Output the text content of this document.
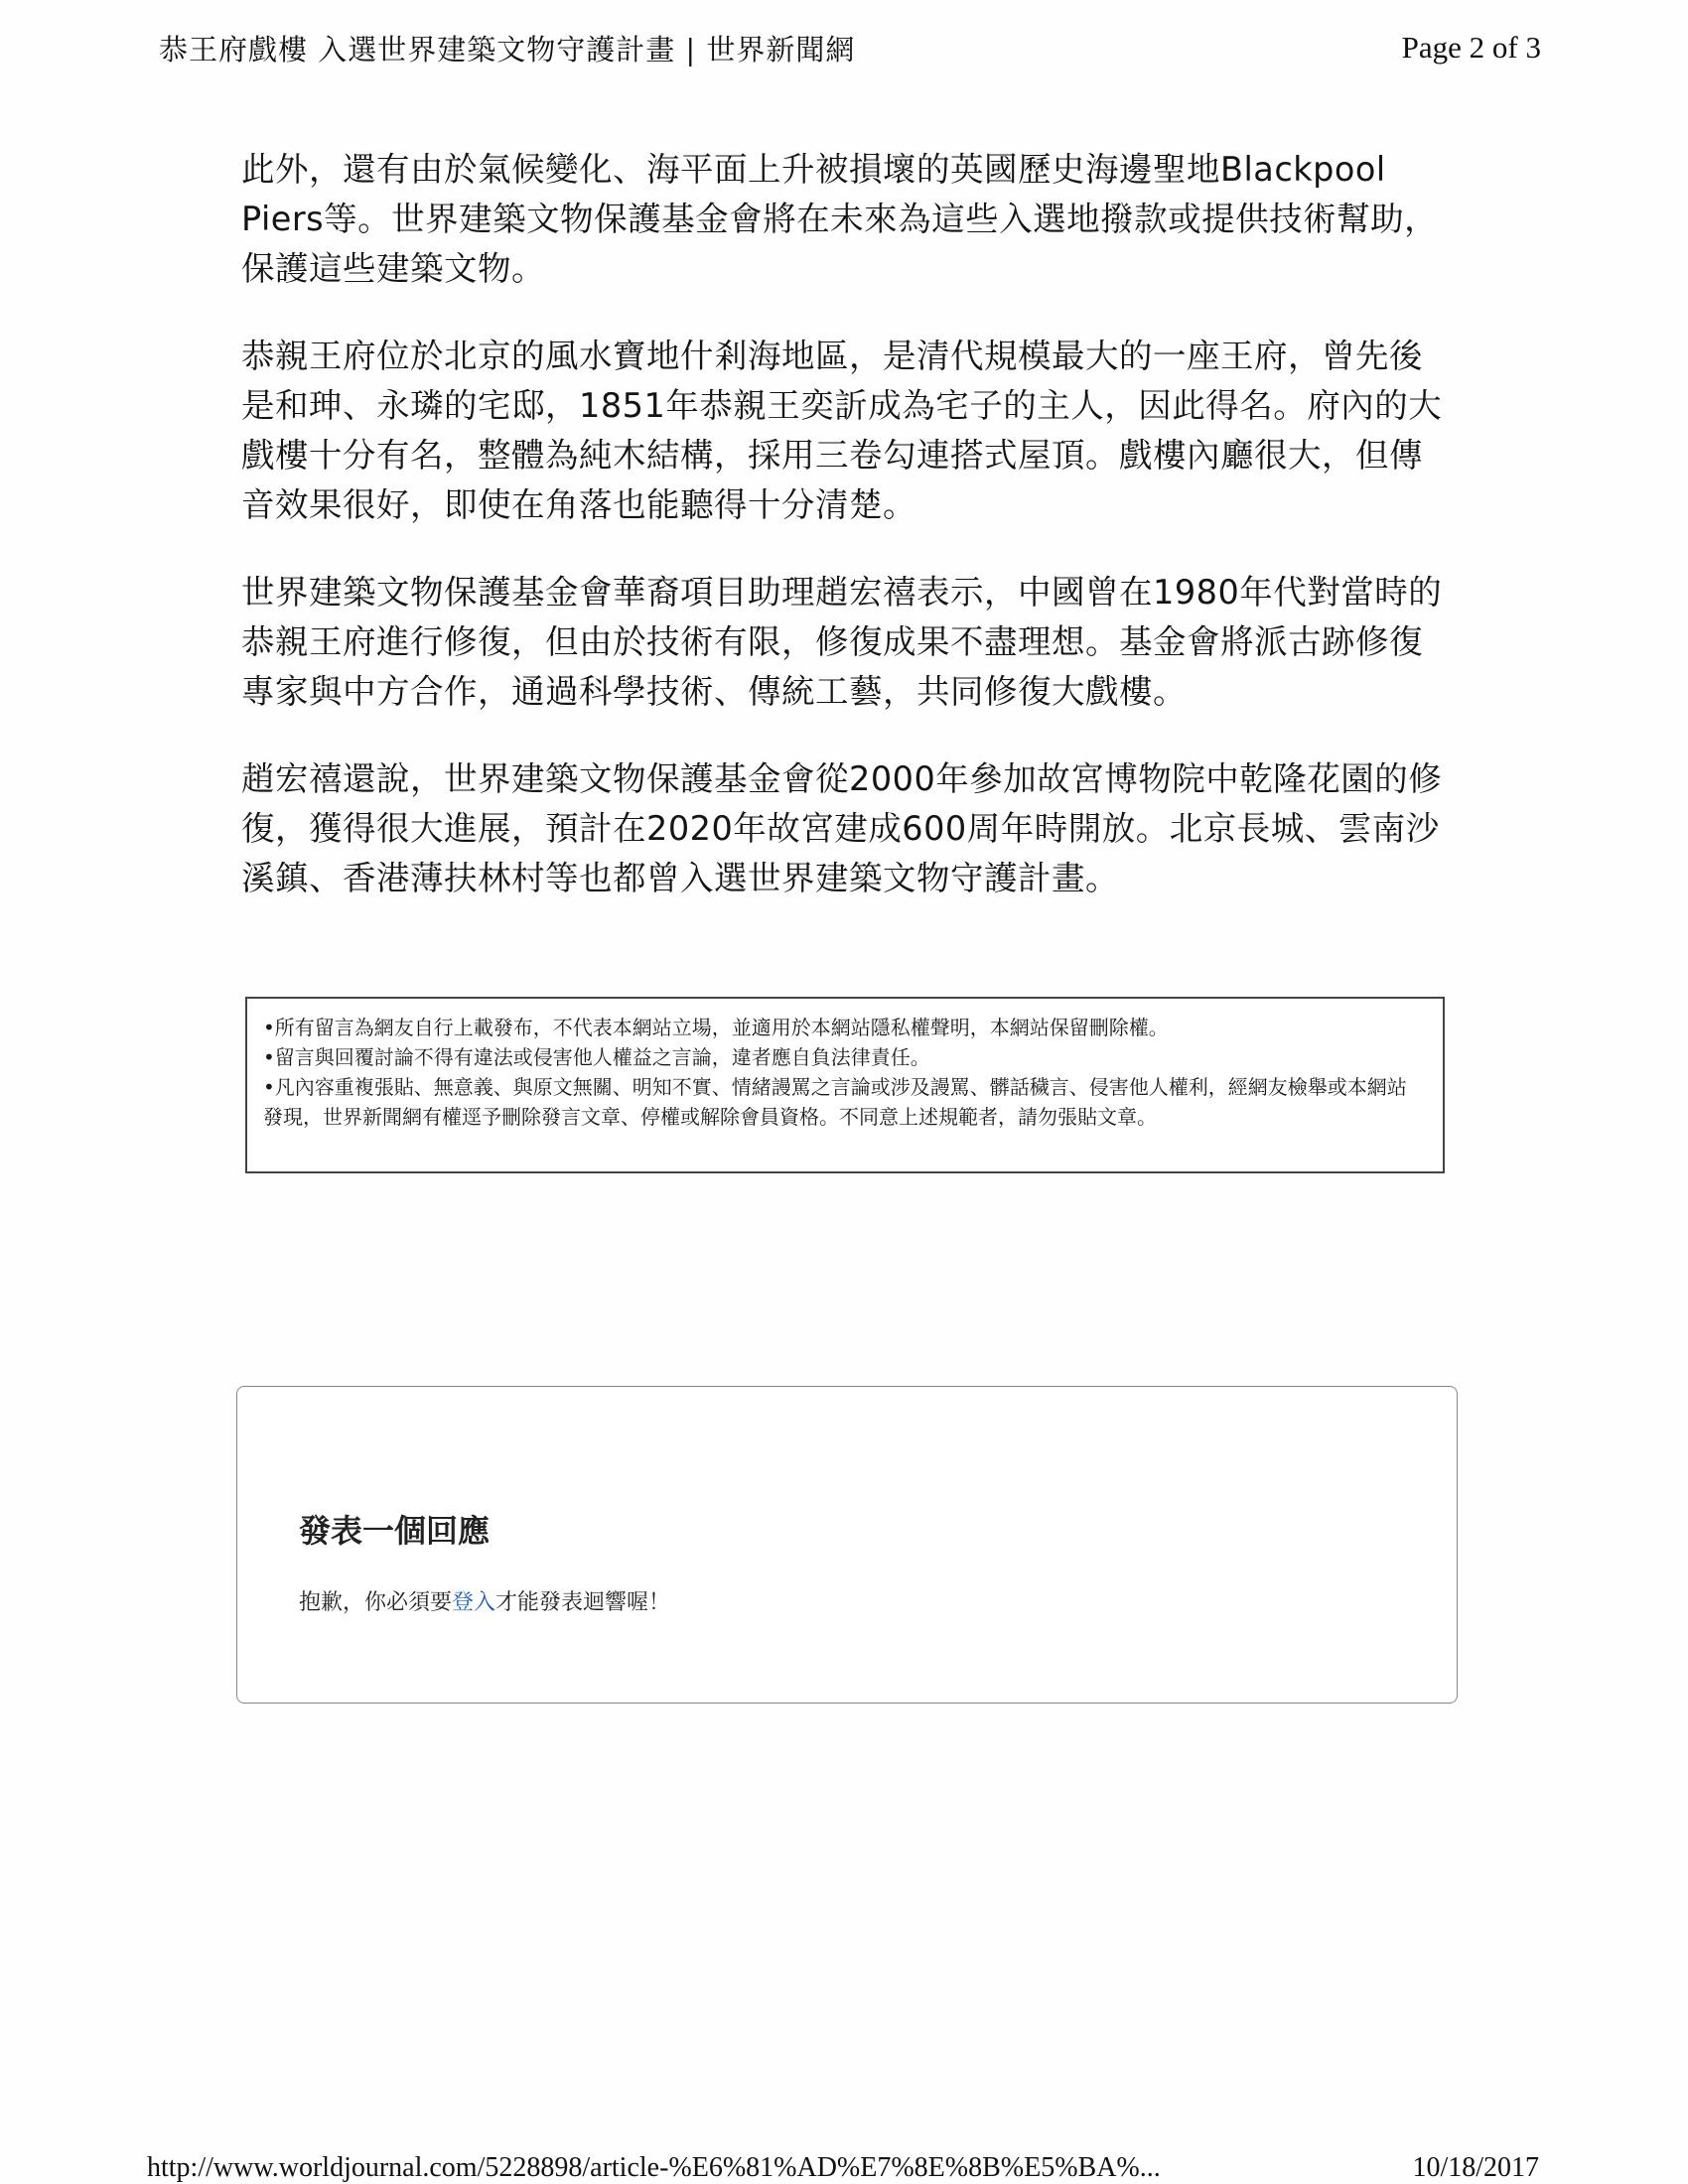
恭王府戲樓 入選世界建築文物守護計畫 | 世界新聞網	Page 2 of 3

此外，還有由於氣候變化、海平面上升被損壞的英國歷史海邊聖地Blackpool Piers等。世界建築文物保護基金會將在未來為這些入選地撥款或提供技術幫助，保護這些建築文物。

恭親王府位於北京的風水寶地什剎海地區，是清代規模最大的一座王府，曾先後是和珅、永璘的宅邸，1851年恭親王奕訢成為宅子的主人，因此得名。府內的大戲樓十分有名，整體為純木結構，採用三卷勾連搭式屋頂。戲樓內廳很大，但傳音效果很好，即使在角落也能聽得十分清楚。

世界建築文物保護基金會華裔項目助理趙宏禧表示，中國曾在1980年代對當時的恭親王府進行修復，但由於技術有限，修復成果不盡理想。基金會將派古跡修復專家與中方合作，通過科學技術、傳統工藝，共同修復大戲樓。

趙宏禧還說，世界建築文物保護基金會從2000年參加故宮博物院中乾隆花園的修復，獲得很大進展，預計在2020年故宮建成600周年時開放。北京長城、雲南沙溪鎮、香港薄扶林村等也都曾入選世界建築文物守護計畫。

•所有留言為網友自行上載發布，不代表本網站立場，並適用於本網站隱私權聲明，本網站保留刪除權。

•留言與回覆討論不得有違法或侵害他人權益之言論，違者應自負法律責任。

•凡內容重複張貼、無意義、與原文無關、明知不實、情緒謾罵之言論或涉及謾罵、髒話穢言、侵害他人權利，經網友檢舉或本網站發現，世界新聞網有權逕予刪除發言文章、停權或解除會員資格。不同意上述規範者，請勿張貼文章。

發表一個回應

抱歉，你必須要登入才能發表迴響喔！

http://www.worldjournal.com/5228898/article-%E6%81%AD%E7%8E%8B%E5%BA%...	10/18/2017
